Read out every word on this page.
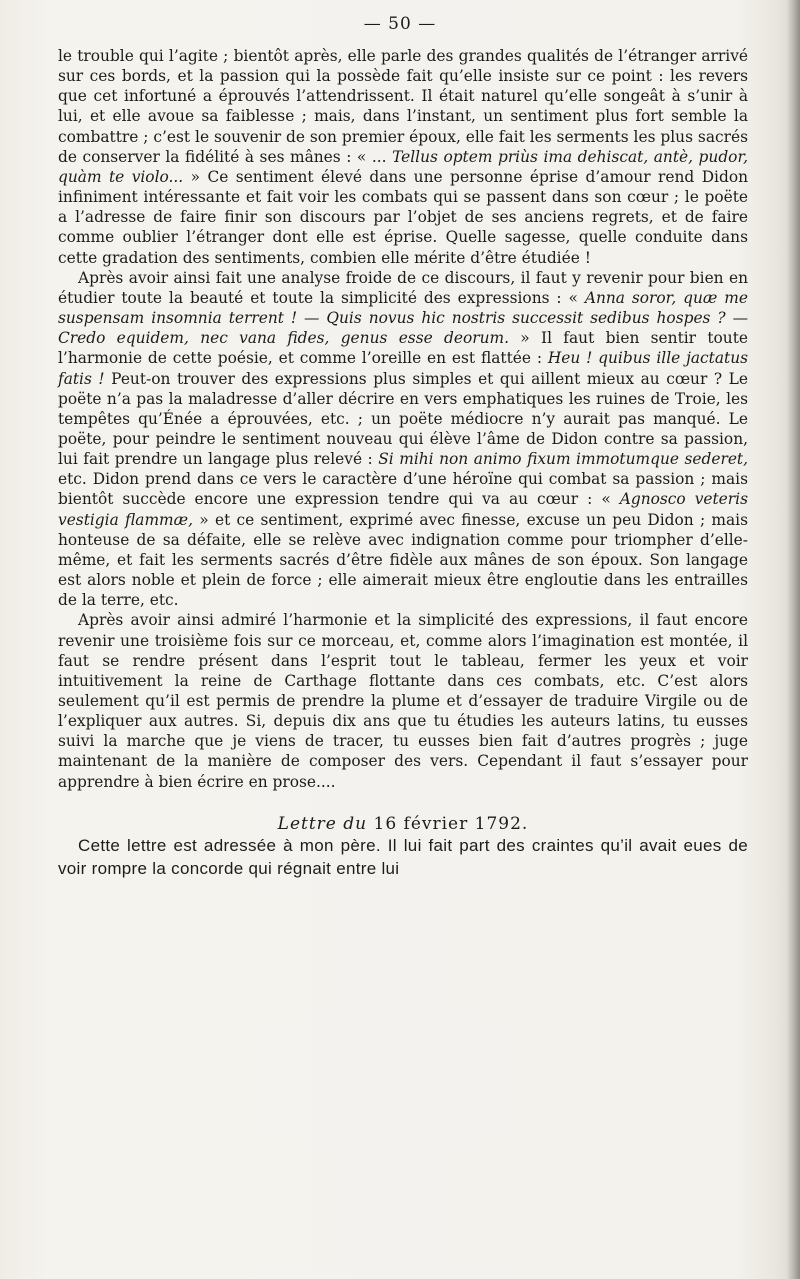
— 50 —

le trouble qui l’agite ; bientôt après, elle parle des grandes qualités de l’étranger arrivé sur ces bords, et la passion qui la possède fait qu’elle insiste sur ce point : les revers que cet infortuné a éprouvés l’attendrissent. Il était naturel qu’elle songeât à s’unir à lui, et elle avoue sa faiblesse ; mais, dans l’instant, un sentiment plus fort semble la combattre ; c’est le souvenir de son premier époux, elle fait les serments les plus sacrés de conserver la fidélité à ses mânes : « ... Tellus optem priùs ima dehiscat, antè, pudor, quàm te violo... » Ce sentiment élevé dans une personne éprise d’amour rend Didon infiniment intéressante et fait voir les combats qui se passent dans son cœur ; le poëte a l’adresse de faire finir son discours par l’objet de ses anciens regrets, et de faire comme oublier l’étranger dont elle est éprise. Quelle sagesse, quelle conduite dans cette gradation des sentiments, combien elle mérite d’être étudiée !

Après avoir ainsi fait une analyse froide de ce discours, il faut y revenir pour bien en étudier toute la beauté et toute la simplicité des expressions : « Anna soror, quæ me suspensam insomnia terrent ! — Quis novus hic nostris successit sedibus hospes ? — Credo equidem, nec vana fides, genus esse deorum. » Il faut bien sentir toute l’harmonie de cette poésie, et comme l’oreille en est flattée : Heu ! quibus ille jactatus fatis ! Peut-on trouver des expressions plus simples et qui aillent mieux au cœur ? Le poëte n’a pas la maladresse d’aller décrire en vers emphatiques les ruines de Troie, les tempêtes qu’Énée a éprouvées, etc. ; un poëte médiocre n’y aurait pas manqué. Le poëte, pour peindre le sentiment nouveau qui élève l’âme de Didon contre sa passion, lui fait prendre un langage plus relevé : Si mihi non animo fixum immotumque sederet, etc. Didon prend dans ce vers le caractère d’une héroïne qui combat sa passion ; mais bientôt succède encore une expression tendre qui va au cœur : « Agnosco veteris vestigia flammæ, » et ce sentiment, exprimé avec finesse, excuse un peu Didon ; mais honteuse de sa défaite, elle se relève avec indignation comme pour triompher d’elle-même, et fait les serments sacrés d’être fidèle aux mânes de son époux. Son langage est alors noble et plein de force ; elle aimerait mieux être engloutie dans les entrailles de la terre, etc.

Après avoir ainsi admiré l’harmonie et la simplicité des expressions, il faut encore revenir une troisième fois sur ce morceau, et, comme alors l’imagination est montée, il faut se rendre présent dans l’esprit tout le tableau, fermer les yeux et voir intuitivement la reine de Carthage flottante dans ces combats, etc. C’est alors seulement qu’il est permis de prendre la plume et d’essayer de traduire Virgile ou de l’expliquer aux autres. Si, depuis dix ans que tu étudies les auteurs latins, tu eusses suivi la marche que je viens de tracer, tu eusses bien fait d’autres progrès ; juge maintenant de la manière de composer des vers. Cependant il faut s’essayer pour apprendre à bien écrire en prose....

Lettre du 16 février 1792.

Cette lettre est adressée à mon père. Il lui fait part des craintes qu’il avait eues de voir rompre la concorde qui régnait entre lui
